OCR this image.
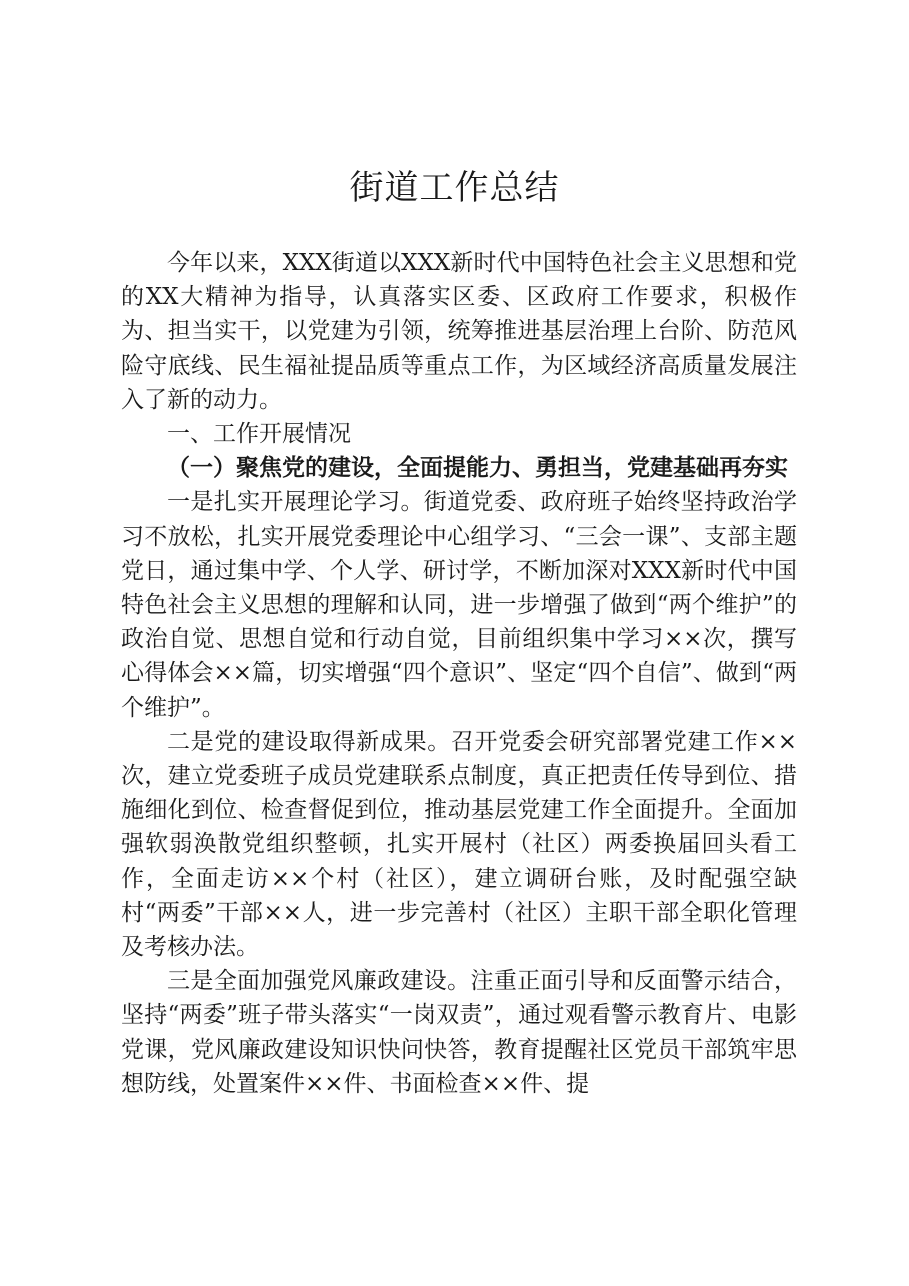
街道工作总结

今年以来，XXX街道以XXX新时代中国特色社会主义思想和党的XX大精神为指导，认真落实区委、区政府工作要求，积极作为、担当实干，以党建为引领，统筹推进基层治理上台阶、防范风险守底线、民生福祉提品质等重点工作，为区域经济高质量发展注入了新的动力。

一、工作开展情况
（一）聚焦党的建设，全面提能力、勇担当，党建基础再夯实

一是扎实开展理论学习。街道党委、政府班子始终坚持政治学习不放松，扎实开展党委理论中心组学习、“三会一课”、支部主题党日，通过集中学、个人学、研讨学，不断加深对XXX新时代中国特色社会主义思想的理解和认同，进一步增强了做到“两个维护”的政治自觉、思想自觉和行动自觉，目前组织集中学习××次，撰写心得体会××篇，切实增强“四个意识”、坚定“四个自信”、做到“两个维护”。

二是党的建设取得新成果。召开党委会研究部署党建工作××次，建立党委班子成员党建联系点制度，真正把责任传导到位、措施细化到位、检查督促到位，推动基层党建工作全面提升。全面加强软弱涣散党组织整顿，扎实开展村（社区）两委换届回头看工作，全面走访××个村（社区），建立调研台账，及时配强空缺村“两委”干部××人，进一步完善村（社区）主职干部全职化管理及考核办法。

三是全面加强党风廉政建设。注重正面引导和反面警示结合，坚持“两委”班子带头落实“一岗双责”，通过观看警示教育片、电影党课，党风廉政建设知识快问快答，教育提醒社区党员干部筑牢思想防线，处置案件××件、书面检查××件、提
